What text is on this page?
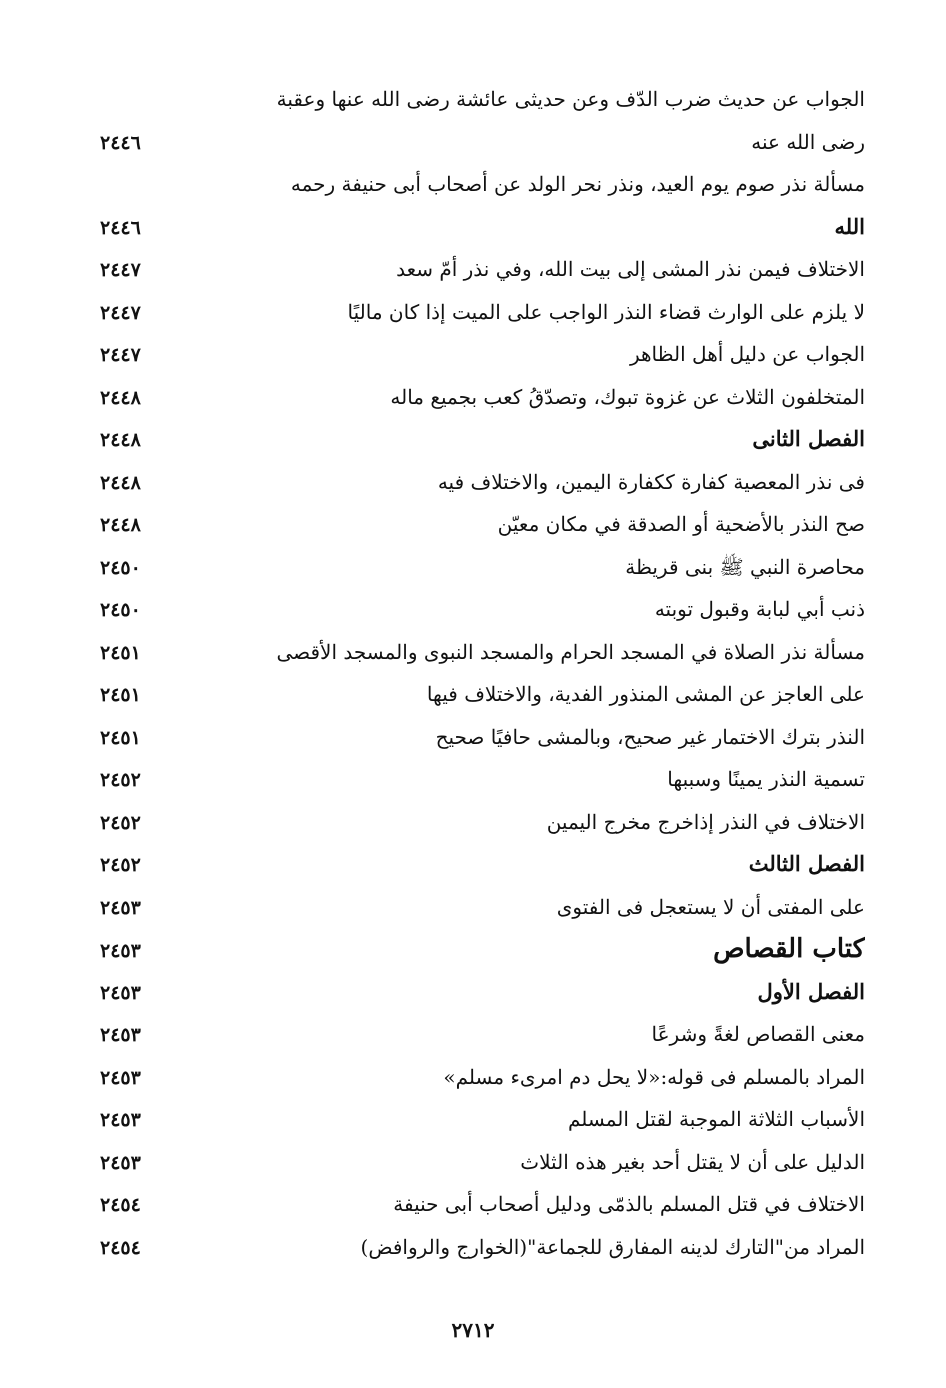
الجواب عن حديث ضرب الدّف وعن حديثى عائشة رضى الله عنها وعقبة
رضى الله عنه
٢٤٤٦
مسألة نذر صوم يوم العيد، ونذر نحر الولد عن أصحاب أبى حنيفة رحمه
الله
٢٤٤٦
الاختلاف فيمن نذر المشى إلى بيت الله، وفي نذر أمّ سعد
٢٤٤٧
لا يلزم على الوارث قضاء النذر الواجب على الميت إذا كان ماليًا
٢٤٤٧
الجواب عن دليل أهل الظاهر
٢٤٤٧
المتخلفون الثلاث عن غزوة تبوك، وتصدّقُ كعب بجميع ماله
٢٤٤٨
الفصل الثانى
٢٤٤٨
فى نذر المعصية كفارة ككفارة اليمين، والاختلاف فيه
٢٤٤٨
صح النذر بالأضحية أو الصدقة في مكان معيّن
٢٤٤٨
محاصرة النبي ﷺ بنى قريظة
٢٤٥٠
ذنب أبي لبابة وقبول توبته
٢٤٥٠
مسألة نذر الصلاة في المسجد الحرام والمسجد النبوى والمسجد الأقصى
٢٤٥١
على العاجز عن المشى المنذور الفدية، والاختلاف فيها
٢٤٥١
النذر بترك الاختمار غير صحيح، وبالمشى حافيًا صحيح
٢٤٥١
تسمية النذر يمينًا وسببها
٢٤٥٢
الاختلاف في النذر إذاخرج مخرج اليمين
٢٤٥٢
الفصل الثالث
٢٤٥٢
على المفتى أن لا يستعجل فى الفتوى
٢٤٥٣
كتاب القصاص
٢٤٥٣
الفصل الأول
٢٤٥٣
معنى القصاص لغةً وشرعًا
٢٤٥٣
المراد بالمسلم فى قوله:«لا يحل دم امرىء مسلم»
٢٤٥٣
الأسباب الثلاثة الموجبة لقتل المسلم
٢٤٥٣
الدليل على أن لا يقتل أحد بغير هذه الثلاث
٢٤٥٣
الاختلاف في قتل المسلم بالذمّى ودليل أصحاب أبى حنيفة
٢٤٥٤
المراد من"التارك لدينه المفارق للجماعة"(الخوارج والروافض)
٢٤٥٤
٢٧١٢
